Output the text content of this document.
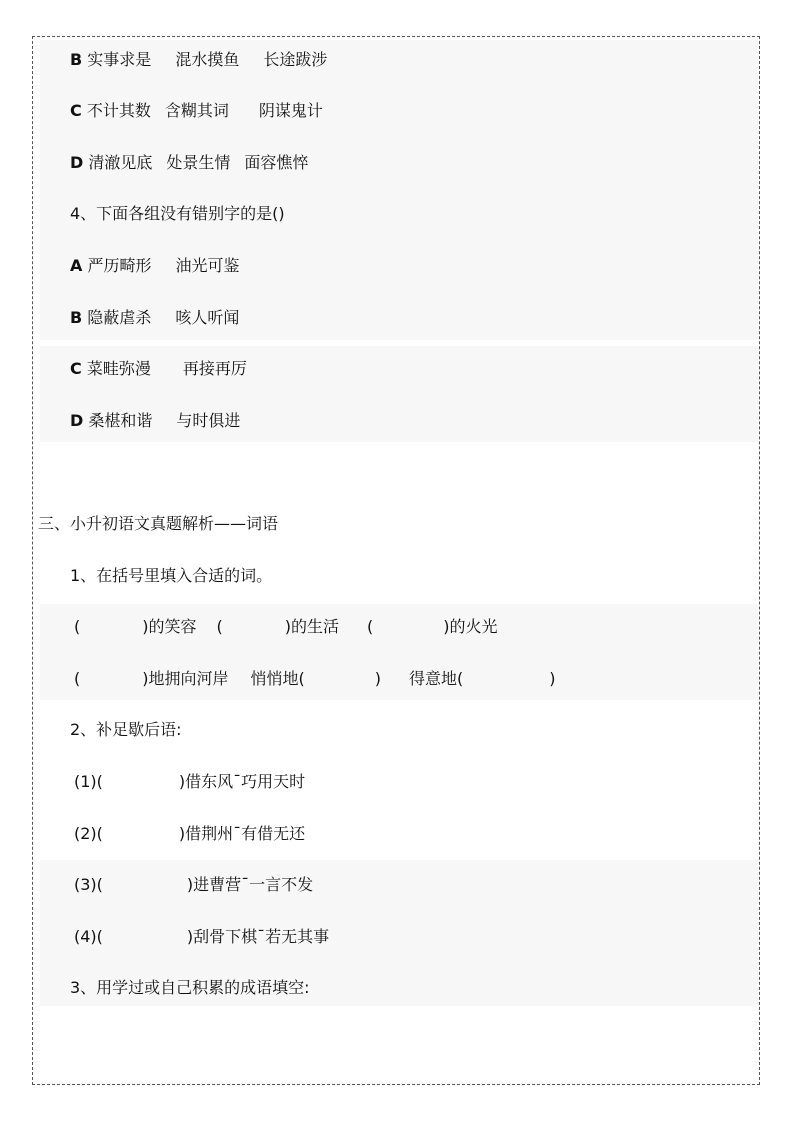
B 实事求是 混水摸鱼 长途跋涉
C 不计其数 含糊其词 阴谋鬼计
D 清澈见底 处景生情 面容憔悴
4、下面各组没有错别字的是()
A 严历畸形 油光可鉴
B 隐蔽虐杀 咳人听闻
C 菜畦弥漫 再接再厉
D 桑椹和谐 与时俱进
三、小升初语文真题解析——词语
1、在括号里填入合适的词。
(	)的笑容 (	)的生活 (	)的火光
(	)地拥向河岸 悄悄地(	) 得意地(	)
2、补足歇后语:
(1)(	)借东风¯巧用天时
(2)(	)借荆州¯有借无还
(3)(	)进曹营¯一言不发
(4)(	)刮骨下棋¯若无其事
3、用学过或自己积累的成语填空:
